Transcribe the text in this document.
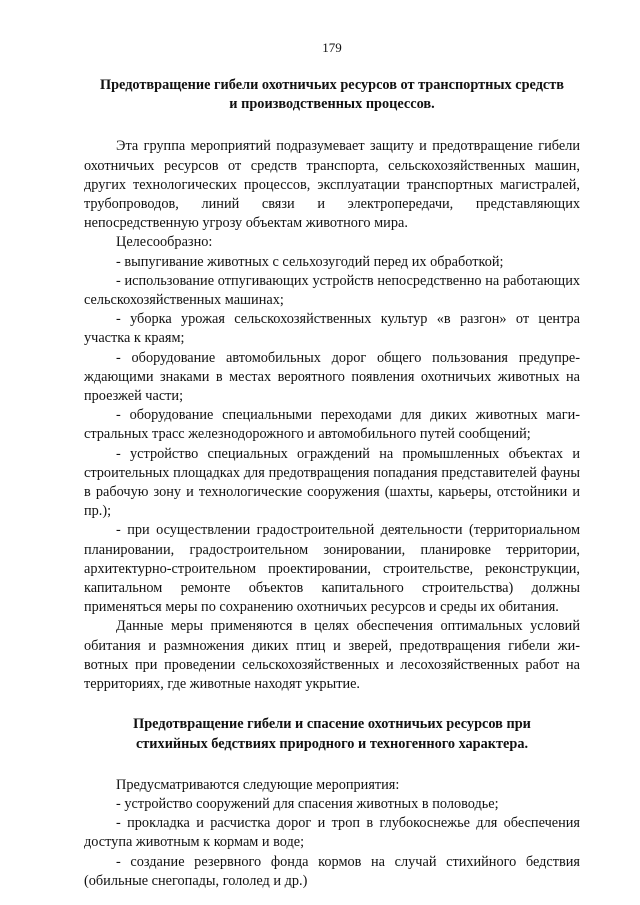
179
Предотвращение гибели охотничьих ресурсов от транспортных средств
и производственных процессов.

Эта группа мероприятий подразумевает защиту и предотвращение гибели охотничьих ресурсов от средств транспорта, сельскохозяйственных машин, других технологических процессов, эксплуатации транспортных магистралей, трубопроводов, линий связи и электропередачи, представляющих непосредственную угрозу объектам животного мира.

Целесообразно:

- выпугивание животных с сельхозугодий перед их обработкой;

- использование отпугивающих устройств непосредственно на работающих сельскохозяйственных машинах;

- уборка урожая сельскохозяйственных культур «в разгон» от центра участка к краям;

- оборудование автомобильных дорог общего пользования предупреждающими знаками в местах вероятного появления охотничьих животных на проезжей части;

- оборудование специальными переходами для диких животных магистральных трасс железнодорожного и автомобильного путей сообщений;

- устройство специальных ограждений на промышленных объектах и строительных площадках для предотвращения попадания представителей фауны в рабочую зону и технологические сооружения (шахты, карьеры, отстойники и пр.);

- при осуществлении градостроительной деятельности (территориальном планировании, градостроительном зонировании, планировке территории, архитектурно-строительном проектировании, строительстве, реконструкции, капитальном ремонте объектов капитального строительства) должны применяться меры по сохранению охотничьих ресурсов и среды их обитания.

Данные меры применяются в целях обеспечения оптимальных условий обитания и размножения диких птиц и зверей, предотвращения гибели животных при проведении сельскохозяйственных и лесохозяйственных работ на территориях, где животные находят укрытие.

Предотвращение гибели и спасение охотничьих ресурсов при
стихийных бедствиях природного и техногенного характера.

Предусматриваются следующие мероприятия:

- устройство сооружений для спасения животных в половодье;

- прокладка и расчистка дорог и троп в глубокоснежье для обеспечения доступа животным к кормам и воде;

- создание резервного фонда кормов на случай стихийного бедствия (обильные снегопады, гололед и др.)
